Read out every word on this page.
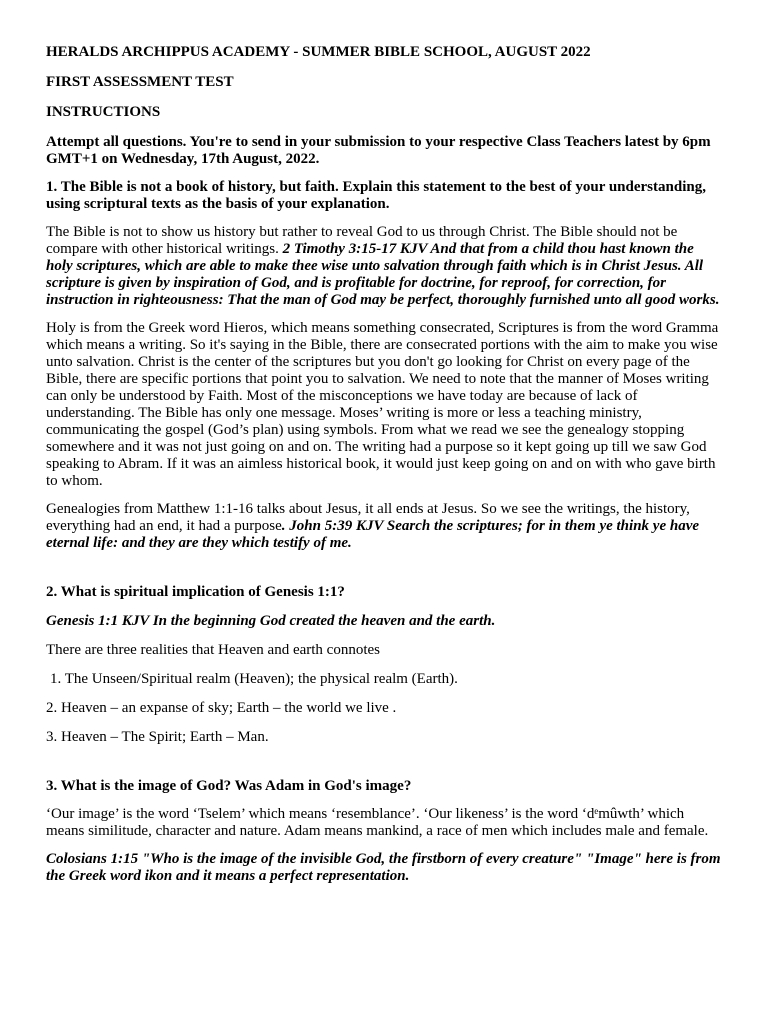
HERALDS ARCHIPPUS ACADEMY - SUMMER BIBLE SCHOOL, AUGUST 2022

FIRST ASSESSMENT TEST

INSTRUCTIONS

Attempt all questions. You're to send in your submission to your respective Class Teachers latest by 6pm GMT+1 on Wednesday, 17th August, 2022.

1. The Bible is not a book of history, but faith. Explain this statement to the best of your understanding, using scriptural texts as the basis of your explanation.

The Bible is not to show us history but rather to reveal God to us through Christ. The Bible should not be compare with other historical writings. 2 Timothy 3:15-17 KJV And that from a child thou hast known the holy scriptures, which are able to make thee wise unto salvation through faith which is in Christ Jesus. All scripture is given by inspiration of God, and is profitable for doctrine, for reproof, for correction, for instruction in righteousness: That the man of God may be perfect, thoroughly furnished unto all good works.

Holy is from the Greek word Hieros, which means something consecrated, Scriptures is from the word Gramma which means a writing. So it's saying in the Bible, there are consecrated portions with the aim to make you wise unto salvation. Christ is the center of the scriptures but you don't go looking for Christ on every page of the Bible, there are specific portions that point you to salvation. We need to note that the manner of Moses writing can only be understood by Faith. Most of the misconceptions we have today are because of lack of understanding. The Bible has only one message. Moses’ writing is more or less a teaching ministry, communicating the gospel (God’s plan) using symbols. From what we read we see the genealogy stopping somewhere and it was not just going on and on. The writing had a purpose so it kept going up till we saw God speaking to Abram. If it was an aimless historical book, it would just keep going on and on with who gave birth to whom.

Genealogies from Matthew 1:1-16 talks about Jesus, it all ends at Jesus. So we see the writings, the history, everything had an end, it had a purpose. John 5:39 KJV Search the scriptures; for in them ye think ye have eternal life: and they are they which testify of me.

2. What is spiritual implication of Genesis 1:1?

Genesis 1:1 KJV In the beginning God created the heaven and the earth.

There are three realities that Heaven and earth connotes

1. The Unseen/Spiritual realm (Heaven); the physical realm (Earth).

2. Heaven – an expanse of sky; Earth – the world we live .

3. Heaven – The Spirit; Earth – Man.

3. What is the image of God? Was Adam in God's image?

‘Our image’ is the word ‘Tselem’ which means ‘resemblance’. ‘Our likeness’ is the word ‘dᵉmûwth’ which means similitude, character and nature. Adam means mankind, a race of men which includes male and female.

Colosians 1:15 "Who is the image of the invisible God, the firstborn of every creature" "Image" here is from the Greek word ikon and it means a perfect representation.
